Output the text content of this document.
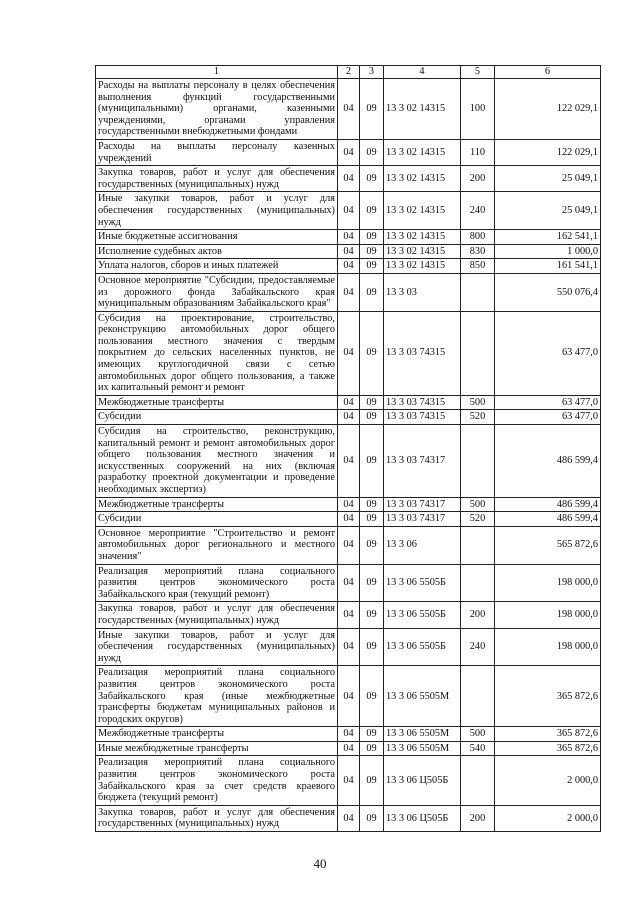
1	2	3	4	5	6
Расходы на выплаты персоналу в целях обеспечения выполнения функций государственными (муниципальными) органами, казенными учреждениями, органами управления государственными внебюджетными фондами	04	09	13 3 02 14315	100	122 029,1
Расходы на выплаты персоналу казенных учреждений	04	09	13 3 02 14315	110	122 029,1
Закупка товаров, работ и услуг для обеспечения государственных (муниципальных) нужд	04	09	13 3 02 14315	200	25 049,1
Иные закупки товаров, работ и услуг для обеспечения государственных (муниципальных) нужд	04	09	13 3 02 14315	240	25 049,1
Иные бюджетные ассигнования	04	09	13 3 02 14315	800	162 541,1
Исполнение судебных актов	04	09	13 3 02 14315	830	1 000,0
Уплата налогов, сборов и иных платежей	04	09	13 3 02 14315	850	161 541,1
Основное мероприятие "Субсидии, предоставляемые из дорожного фонда Забайкальского края муниципальным образованиям Забайкальского края"	04	09	13 3 03		550 076,4
Субсидия на проектирование, строительство, реконструкцию автомобильных дорог общего пользования местного значения с твердым покрытием до сельских населенных пунктов, не имеющих круглогодичной связи с сетью автомобильных дорог общего пользования, а также их капитальный ремонт и ремонт	04	09	13 3 03 74315		63 477,0
Межбюджетные трансферты	04	09	13 3 03 74315	500	63 477,0
Субсидии	04	09	13 3 03 74315	520	63 477,0
Субсидия на строительство, реконструкцию, капитальный ремонт и ремонт автомобильных дорог общего пользования местного значения и искусственных сооружений на них (включая разработку проектной документации и проведение необходимых экспертиз)	04	09	13 3 03 74317		486 599,4
Межбюджетные трансферты	04	09	13 3 03 74317	500	486 599,4
Субсидии	04	09	13 3 03 74317	520	486 599,4
Основное мероприятие "Строительство и ремонт автомобильных дорог регионального и местного значения"	04	09	13 3 06		565 872,6
Реализация мероприятий плана социального развития центров экономического роста Забайкальского края (текущий ремонт)	04	09	13 3 06 5505Б		198 000,0
Закупка товаров, работ и услуг для обеспечения государственных (муниципальных) нужд	04	09	13 3 06 5505Б	200	198 000,0
Иные закупки товаров, работ и услуг для обеспечения государственных (муниципальных) нужд	04	09	13 3 06 5505Б	240	198 000,0
Реализация мероприятий плана социального развития центров экономического роста Забайкальского края (иные межбюджетные трансферты бюджетам муниципальных районов и городских округов)	04	09	13 3 06 5505М		365 872,6
Межбюджетные трансферты	04	09	13 3 06 5505М	500	365 872,6
Иные межбюджетные трансферты	04	09	13 3 06 5505М	540	365 872,6
Реализация мероприятий плана социального развития центров экономического роста Забайкальского края за счет средств краевого бюджета (текущий ремонт)	04	09	13 3 06 Ц505Б		2 000,0
Закупка товаров, работ и услуг для обеспечения государственных (муниципальных) нужд	04	09	13 3 06 Ц505Б	200	2 000,0
40
